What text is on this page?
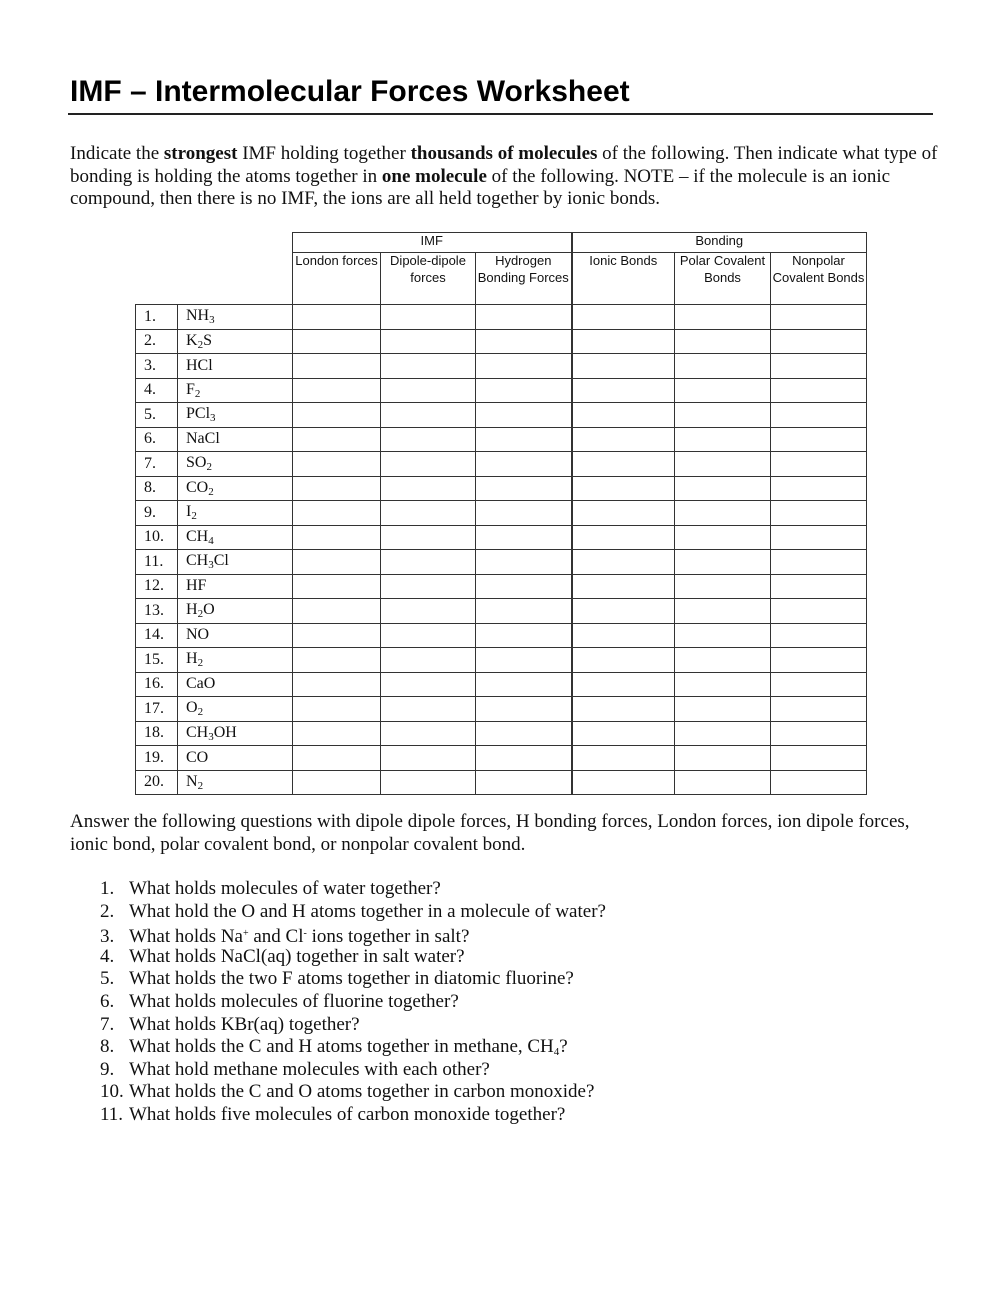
IMF – Intermolecular Forces Worksheet

Indicate the strongest IMF holding together thousands of molecules of the following. Then indicate what type of bonding is holding the atoms together in one molecule of the following. NOTE – if the molecule is an ionic compound, then there is no IMF, the ions are all held together by ionic bonds.

		IMF			Bonding		
		London forces	Dipole-dipole forces	Hydrogen Bonding Forces	Ionic Bonds	Polar Covalent Bonds	Nonpolar Covalent Bonds
1.	$NH_3$						
2.	$K_2S$						
3.	HCl						
4.	$F_2$						
5.	PCl$_3$						
6.	NaCl						
7.	$SO_2$						
8.	$CO_2$						
9.	$I_2$						
10.	$CH_4$						
11.	$CH_3Cl$						
12.	HF						
13.	$H_2O$						
14.	NO						
15.	$H_2$						
16.	CaO						
17.	$O_2$						
18.	$CH_3OH$						
19.	CO						
20.	$N_2$						

Answer the following questions with dipole dipole forces, H bonding forces, London forces, ion dipole forces, ionic bond, polar covalent bond, or nonpolar covalent bond.

1. What holds molecules of water together?
2. What hold the O and H atoms together in a molecule of water?
3. What holds Na+ and Cl- ions together in salt?
4. What holds NaCl(aq) together in salt water?
5. What holds the two F atoms together in diatomic fluorine?
6. What holds molecules of fluorine together?
7. What holds KBr(aq) together?
8. What holds the C and H atoms together in methane, $CH_4$?
9. What hold methane molecules with each other?
10. What holds the C and O atoms together in carbon monoxide?
11. What holds five molecules of carbon monoxide together?
